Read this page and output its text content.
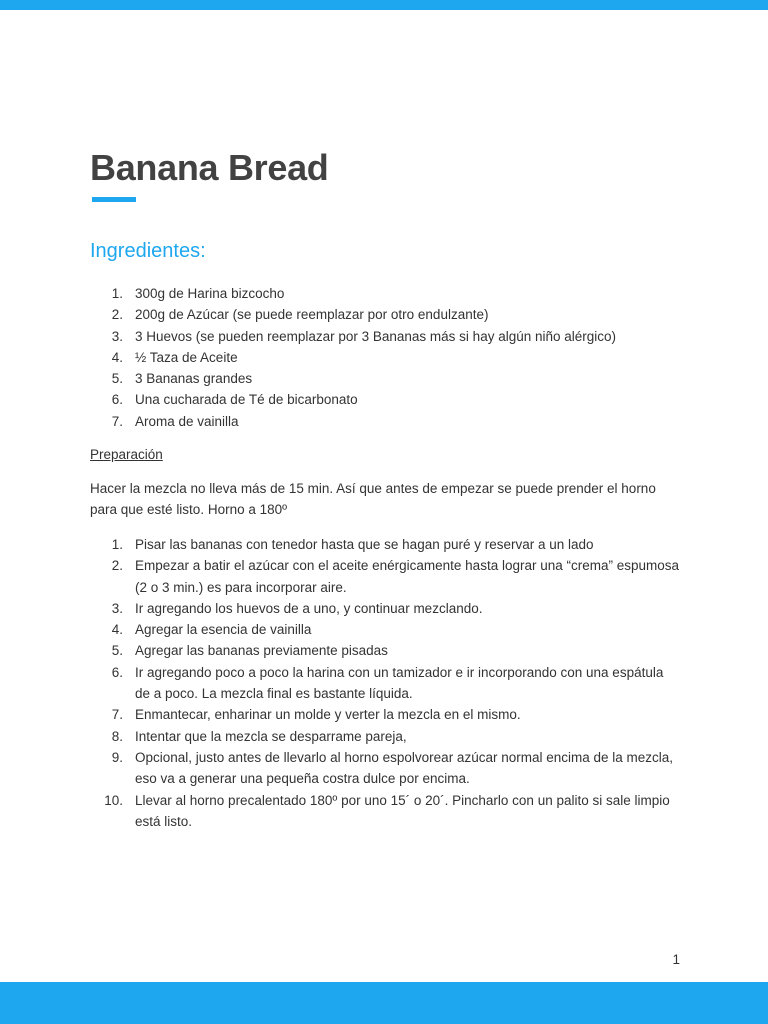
Banana Bread
Ingredientes:
1. 300g de Harina bizcocho
2. 200g de Azúcar (se puede reemplazar por otro endulzante)
3. 3 Huevos (se pueden reemplazar por 3 Bananas más si hay algún niño alérgico)
4. ½ Taza de Aceite
5. 3 Bananas grandes
6. Una cucharada de Té de bicarbonato
7. Aroma de vainilla
Preparación

Hacer la mezcla no lleva más de 15 min. Así que antes de empezar se puede prender el horno para que esté listo. Horno a 180º

1. Pisar las bananas con tenedor hasta que se hagan puré y reservar a un lado
2. Empezar a batir el azúcar con el aceite enérgicamente hasta lograr una “crema” espumosa (2 o 3 min.) es para incorporar aire.
3. Ir agregando los huevos de a uno, y continuar mezclando.
4. Agregar la esencia de vainilla
5. Agregar las bananas previamente pisadas
6. Ir agregando poco a poco la harina con un tamizador e ir incorporando con una espátula de a poco. La mezcla final es bastante líquida.
7. Enmantecar, enharinar un molde y verter la mezcla en el mismo.
8. Intentar que la mezcla se desparrame pareja,
9. Opcional, justo antes de llevarlo al horno espolvorear azúcar normal encima de la mezcla, eso va a generar una pequeña costra dulce por encima.
10. Llevar al horno precalentado 180º por uno 15´ o 20´. Pincharlo con un palito si sale limpio está listo.
1
